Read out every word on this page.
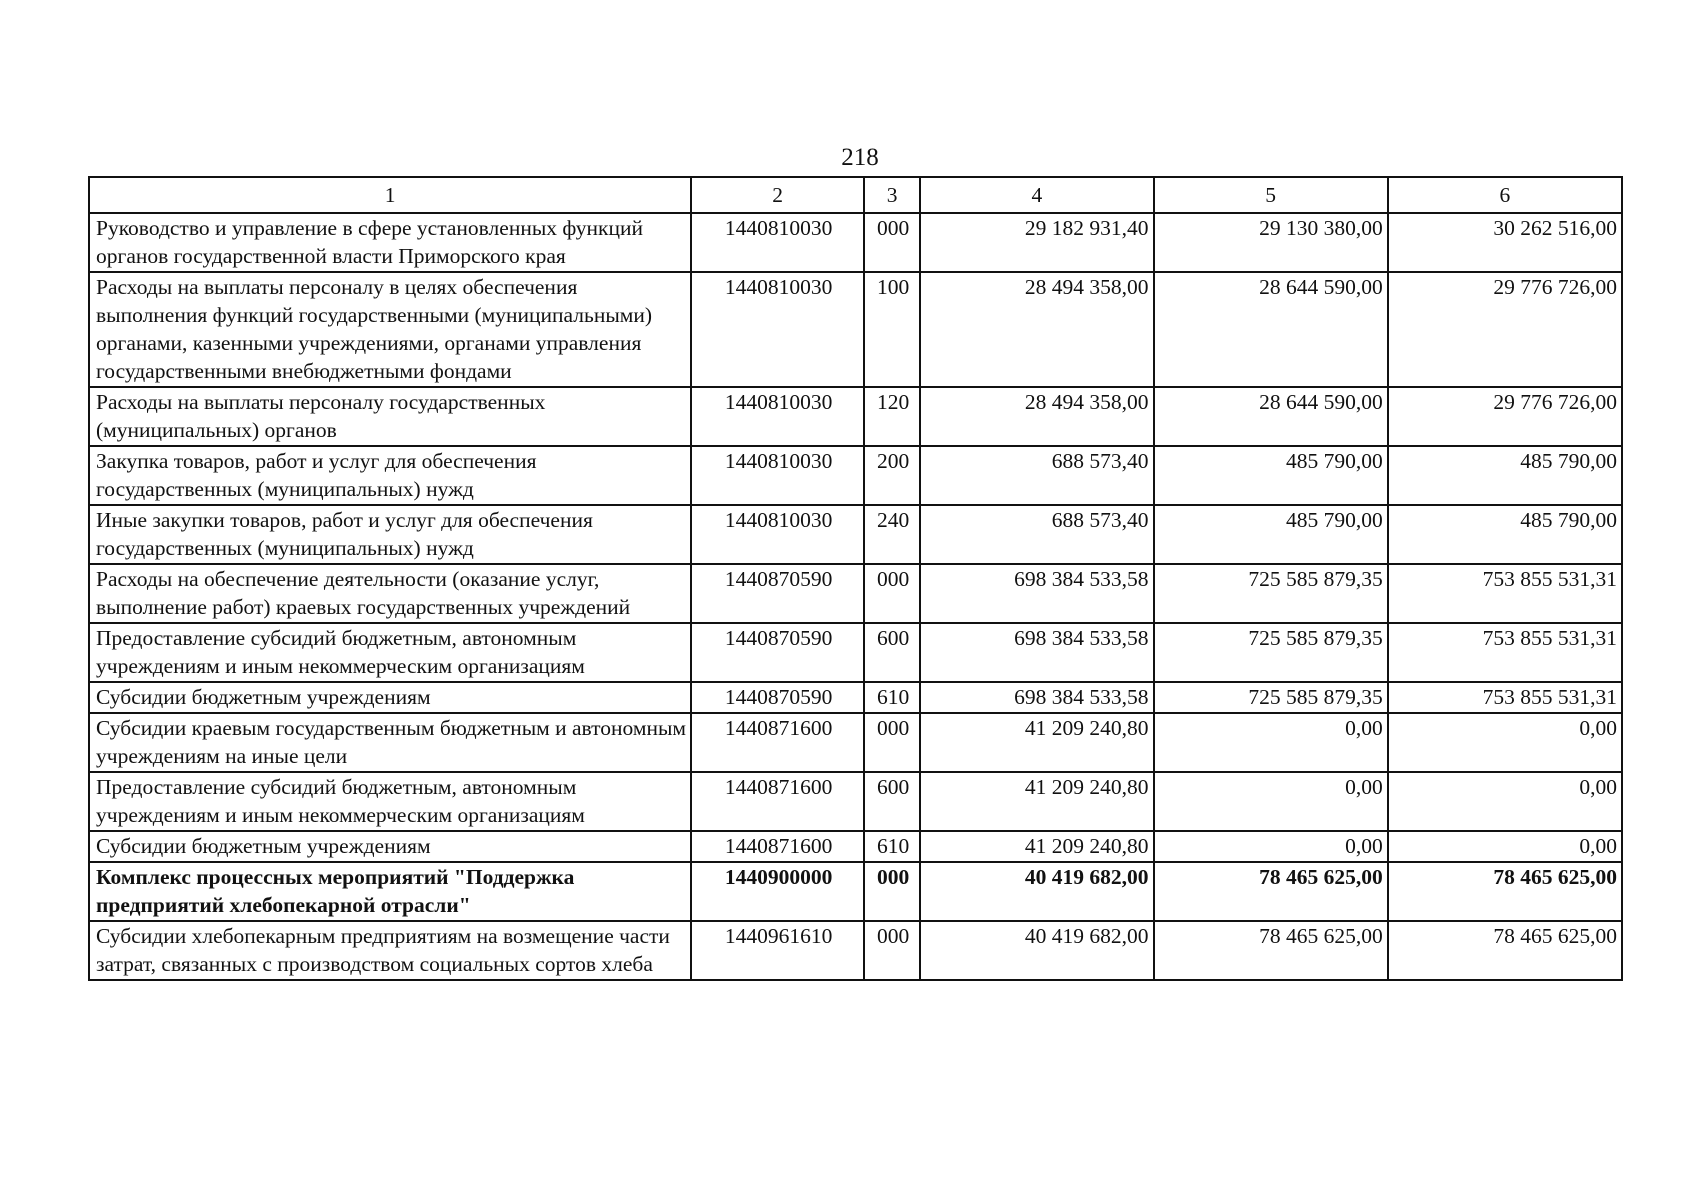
218
1	2	3	4	5	6
Руководство и управление в сфере установленных функций органов государственной власти Приморского края	1440810030	000	29 182 931,40	29 130 380,00	30 262 516,00
Расходы на выплаты персоналу в целях обеспечения выполнения функций государственными (муниципальными) органами, казенными учреждениями, органами управления государственными внебюджетными фондами	1440810030	100	28 494 358,00	28 644 590,00	29 776 726,00
Расходы на выплаты персоналу государственных (муниципальных) органов	1440810030	120	28 494 358,00	28 644 590,00	29 776 726,00
Закупка товаров, работ и услуг для обеспечения государственных (муниципальных) нужд	1440810030	200	688 573,40	485 790,00	485 790,00
Иные закупки товаров, работ и услуг для обеспечения государственных (муниципальных) нужд	1440810030	240	688 573,40	485 790,00	485 790,00
Расходы на обеспечение деятельности (оказание услуг, выполнение работ) краевых государственных учреждений	1440870590	000	698 384 533,58	725 585 879,35	753 855 531,31
Предоставление субсидий бюджетным, автономным учреждениям и иным некоммерческим организациям	1440870590	600	698 384 533,58	725 585 879,35	753 855 531,31
Субсидии бюджетным учреждениям	1440870590	610	698 384 533,58	725 585 879,35	753 855 531,31
Субсидии краевым государственным бюджетным и автономным учреждениям на иные цели	1440871600	000	41 209 240,80	0,00	0,00
Предоставление субсидий бюджетным, автономным учреждениям и иным некоммерческим организациям	1440871600	600	41 209 240,80	0,00	0,00
Субсидии бюджетным учреждениям	1440871600	610	41 209 240,80	0,00	0,00
Комплекс процессных мероприятий "Поддержка предприятий хлебопекарной отрасли"	1440900000	000	40 419 682,00	78 465 625,00	78 465 625,00
Субсидии хлебопекарным предприятиям на возмещение части затрат, связанных с производством социальных сортов хлеба	1440961610	000	40 419 682,00	78 465 625,00	78 465 625,00
